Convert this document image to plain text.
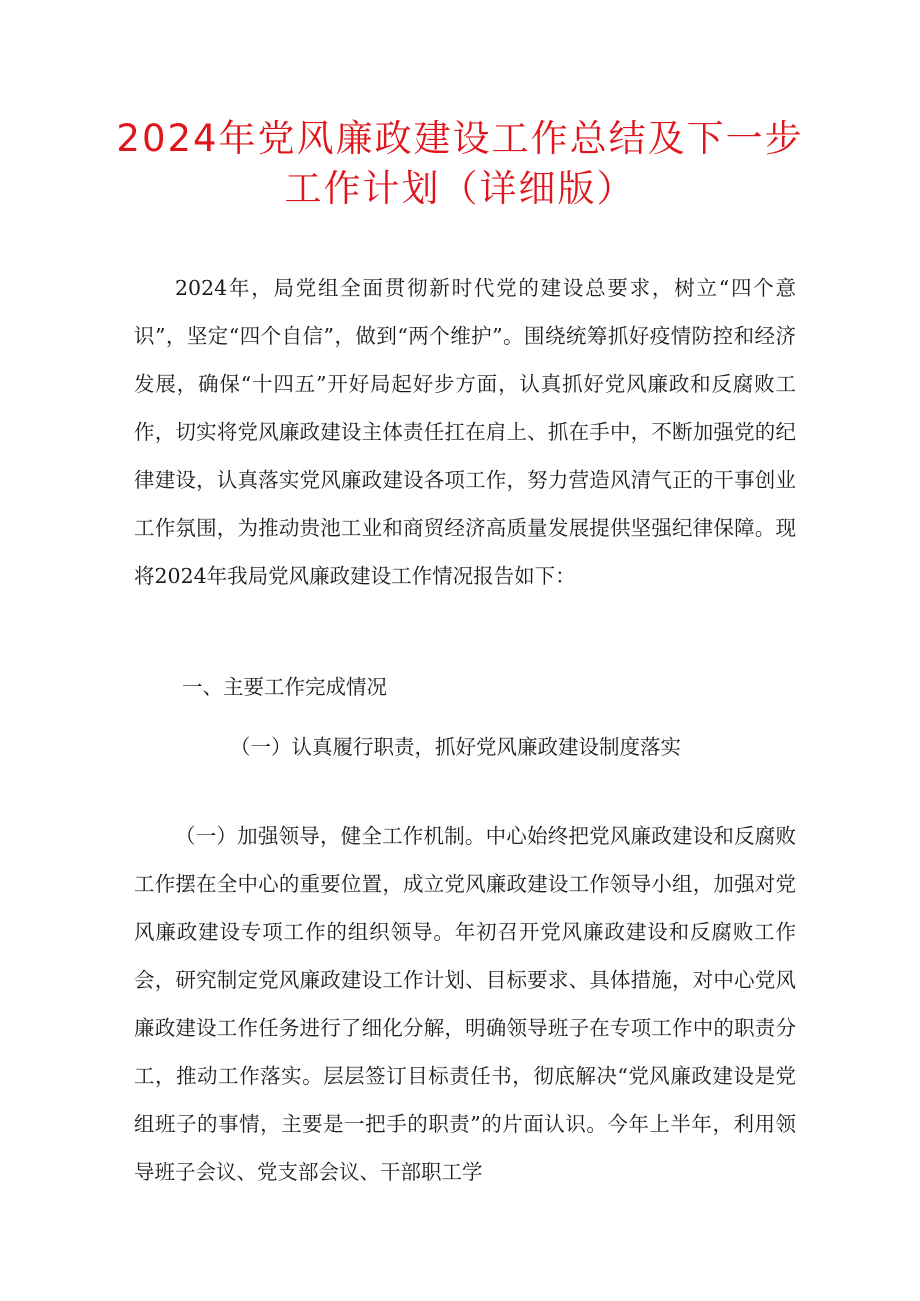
2024年党风廉政建设工作总结及下一步
工作计划（详细版）

2024年，局党组全面贯彻新时代党的建设总要求，树立“四个意识”，坚定“四个自信”，做到“两个维护”。围绕统筹抓好疫情防控和经济发展，确保“十四五”开好局起好步方面，认真抓好党风廉政和反腐败工作，切实将党风廉政建设主体责任扛在肩上、抓在手中，不断加强党的纪律建设，认真落实党风廉政建设各项工作，努力营造风清气正的干事创业工作氛围，为推动贵池工业和商贸经济高质量发展提供坚强纪律保障。现将2024年我局党风廉政建设工作情况报告如下：

一、主要工作完成情况

（一）认真履行职责，抓好党风廉政建设制度落实

（一）加强领导，健全工作机制。中心始终把党风廉政建设和反腐败工作摆在全中心的重要位置，成立党风廉政建设工作领导小组，加强对党风廉政建设专项工作的组织领导。年初召开党风廉政建设和反腐败工作会，研究制定党风廉政建设工作计划、目标要求、具体措施，对中心党风廉政建设工作任务进行了细化分解，明确领导班子在专项工作中的职责分工，推动工作落实。层层签订目标责任书，彻底解决“党风廉政建设是党组班子的事情，主要是一把手的职责”的片面认识。今年上半年，利用领导班子会议、党支部会议、干部职工学
